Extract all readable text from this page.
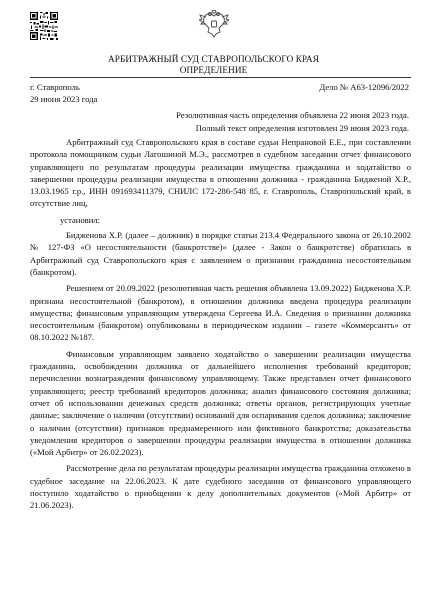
АРБИТРАЖНЫЙ СУД СТАВРОПОЛЬСКОГО КРАЯ
ОПРЕДЕЛЕНИЕ
г. Ставрополь	Дело № А63-12096/2022
29 июня 2023 года
Резолютивная часть определения объявлена 22 июня 2023 года.
Полный текст определения изготовлен 29 июня 2023 года.

Арбитражный суд Ставропольского края в составе судьи Непрановой Е.Е., при составлении протокола помощником судьи Лагошиной М.Э., рассмотрев в судебном заседании отчет финансового управляющего по результатам процедуры реализации имущества гражданина и ходатайство о завершении процедуры реализации имущества в отношении должника - гражданина Бидженой Х.Р., 13.03.1965 г.р., ИНН 091693411379, СНИЛС 172-286-548 85, г. Ставрополь, Ставропольский край, в отсутствие лиц,

установил:

Бидженова Х.Р. (далее – должник) в порядке статьи 213.4 Федерального закона от 26.10.2002 № 127-ФЗ «О несостоятельности (банкротстве)» (далее - Закон о банкротстве) обратилась в Арбитражный суд Ставропольского края с заявлением о признании гражданина несостоятельным (банкротом).

Решением от 20.09.2022 (резолютивная часть решения объявлена 13.09.2022) Бидженова Х.Р. признана несостоятельной (банкротом), в отношении должника введена процедура реализации имущества; финансовым управляющим утверждена Сергеева И.А. Сведения о признании должника несостоятельным (банкротом) опубликованы в периодическом издании – газете «Коммерсантъ» от 08.10.2022 №187.

Финансовым управляющим заявлено ходатайство о завершении реализации имущества гражданина, освобождении должника от дальнейшего исполнения требований кредиторов; перечислении вознаграждения финансовому управляющему. Также представлен отчет финансового управляющего; реестр требований кредиторов должника; анализ финансового состояния должника; отчет об использовании денежных средств должника; ответы органов, регистрирующих учетные данные; заключение о наличии (отсутствии) оснований для оспаривания сделок должника; заключение о наличии (отсутствии) признаков преднамеренного или фиктивного банкротства; доказательства уведомления кредиторов о завершении процедуры реализации имущества в отношении должника («Мой Арбитр» от 26.02.2023).

Рассмотрение дела по результатам процедуры реализации имущества гражданина отложено в судебное заседание на 22.06.2023. К дате судебного заседания от финансового управляющего поступило ходатайство о приобщении к делу дополнительных документов («Мой Арбитр» от 21.06.2023).
